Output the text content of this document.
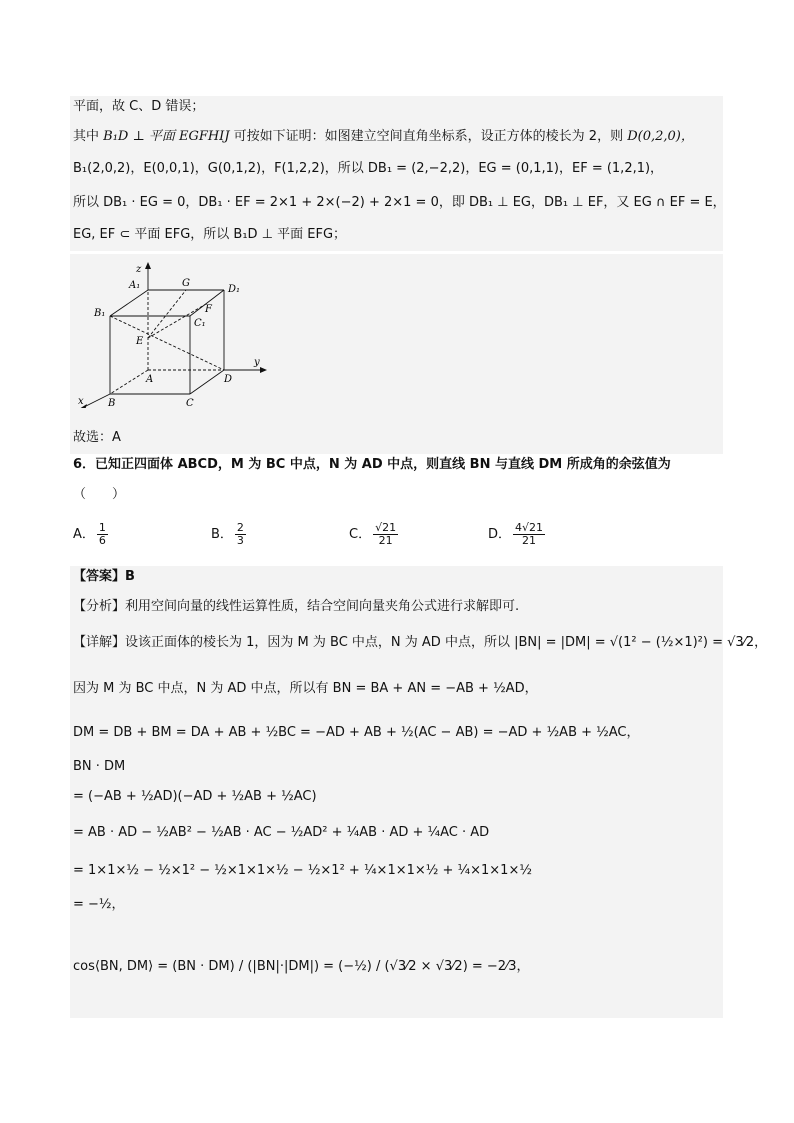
平面，故 C、D 错误；
其中 B₁D ⊥ 平面 EGFHIJ 可按如下证明：如图建立空间直角坐标系，设正方体的棱长为 2，则 D(0,2,0)，
B₁(2,0,2)，E(0,0,1)，G(0,1,2)，F(1,2,2)，所以 DB₁ = (2,−2,2)，EG = (0,1,1)，EF = (1,2,1)，
所以 DB₁ · EG = 0，DB₁ · EF = 2×1 + 2×(−2) + 2×1 = 0，即 DB₁ ⊥ EG，DB₁ ⊥ EF，又 EG ∩ EF = E，
EG, EF ⊂ 平面 EFG，所以 B₁D ⊥ 平面 EFG；
z
y
x
A₁	G
D₁
B₁	F
C₁
E
A	D
B	C
故选：A
6．已知正四面体 ABCD，M 为 BC 中点，N 为 AD 中点，则直线 BN 与直线 DM 所成角的余弦值为
（　　）
A． $\frac{1}{6}$	B． $\frac{2}{3}$	C． $\frac{√21}{21}$	D． $\frac{4√21}{21}$
【答案】B
【分析】利用空间向量的线性运算性质，结合空间向量夹角公式进行求解即可.
【详解】设该正面体的棱长为 1，因为 M 为 BC 中点，N 为 AD 中点，所以 |BN| = |DM| = √(1² − (½×1)²) = √3⁄2，
因为 M 为 BC 中点，N 为 AD 中点，所以有 BN = BA + AN = −AB + ½AD，
DM = DB + BM = DA + AB + ½BC = −AD + AB + ½(AC − AB) = −AD + ½AB + ½AC，
BN · DM
= (−AB + ½AD)(−AD + ½AB + ½AC)
= AB · AD − ½AB² − ½AB · AC − ½AD² + ¼AB · AD + ¼AC · AD
= 1×1×½ − ½×1² − ½×1×1×½ − ½×1² + ¼×1×1×½ + ¼×1×1×½
= −½，
cos⟨BN, DM⟩ = (BN · DM) / (|BN|·|DM|) = (−½) / (√3⁄2 × √3⁄2) = −2⁄3，
